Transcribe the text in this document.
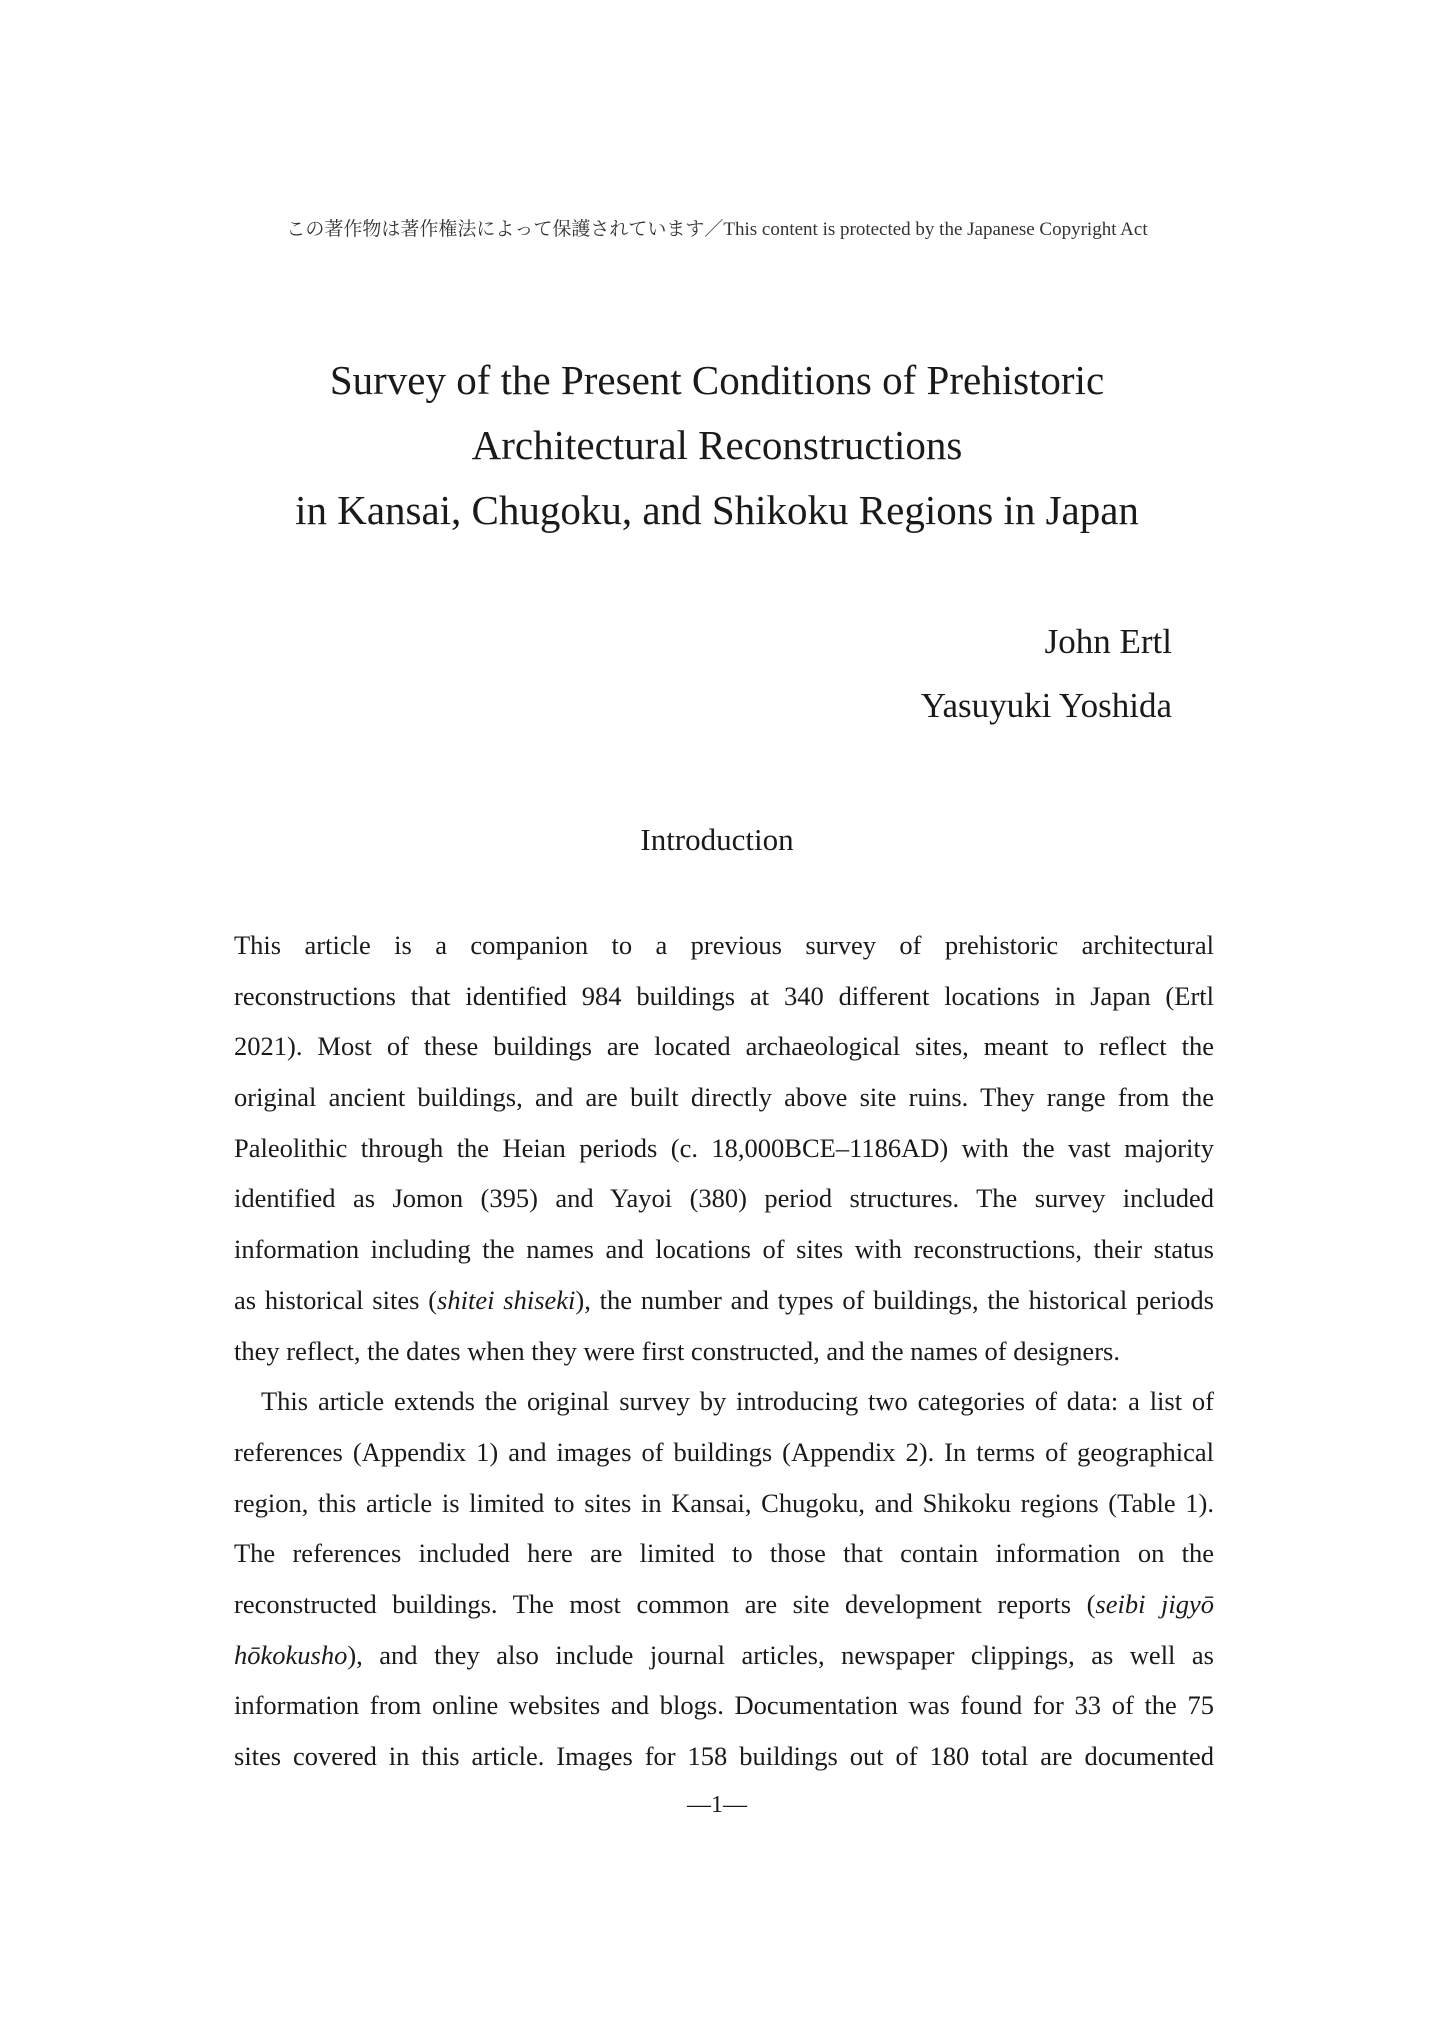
この著作物は著作権法によって保護されています／This content is protected by the Japanese Copyright Act
Survey of the Present Conditions of Prehistoric
Architectural Reconstructions
in Kansai, Chugoku, and Shikoku Regions in Japan
John Ertl
Yasuyuki Yoshida
Introduction
This article is a companion to a previous survey of prehistoric architectural
reconstructions that identified 984 buildings at 340 different locations in Japan (Ertl
2021). Most of these buildings are located archaeological sites, meant to reflect the
original ancient buildings, and are built directly above site ruins. They range from the
Paleolithic through the Heian periods (c. 18,000BCE–1186AD) with the vast majority
identified as Jomon (395) and Yayoi (380) period structures. The survey included
information including the names and locations of sites with reconstructions, their status
as historical sites (shitei shiseki), the number and types of buildings, the historical periods
they reflect, the dates when they were first constructed, and the names of designers.
This article extends the original survey by introducing two categories of data: a list of
references (Appendix 1) and images of buildings (Appendix 2). In terms of geographical
region, this article is limited to sites in Kansai, Chugoku, and Shikoku regions (Table 1).
The references included here are limited to those that contain information on the
reconstructed buildings. The most common are site development reports (seibi jigyō
hōkokusho), and they also include journal articles, newspaper clippings, as well as
information from online websites and blogs. Documentation was found for 33 of the 75
sites covered in this article. Images for 158 buildings out of 180 total are documented
—1—
